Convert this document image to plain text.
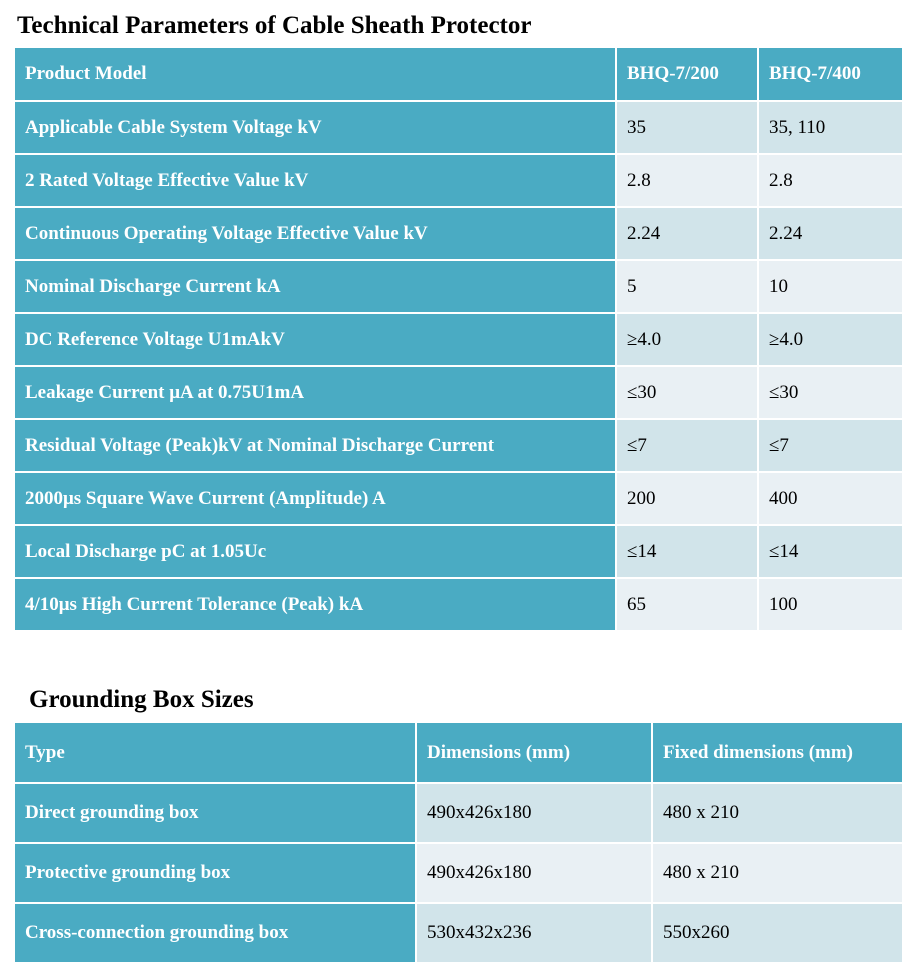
Technical Parameters of Cable Sheath Protector
Product Model	BHQ-7/200	BHQ-7/400
Applicable Cable System Voltage kV	35	35, 110
2 Rated Voltage Effective Value kV	2.8	2.8
Continuous Operating Voltage Effective Value kV	2.24	2.24
Nominal Discharge Current kA	5	10
DC Reference Voltage U1mAkV	≥4.0	≥4.0
Leakage Current μA at 0.75U1mA	≤30	≤30
Residual Voltage (Peak)kV at Nominal Discharge Current	≤7	≤7
2000μs Square Wave Current (Amplitude) A	200	400
Local Discharge pC at 1.05Uc	≤14	≤14
4/10μs High Current Tolerance (Peak) kA	65	100
Grounding Box Sizes
Type	Dimensions (mm)	Fixed dimensions (mm)
Direct grounding box	490x426x180	480 x 210
Protective grounding box	490x426x180	480 x 210
Cross-connection grounding box	530x432x236	550x260
